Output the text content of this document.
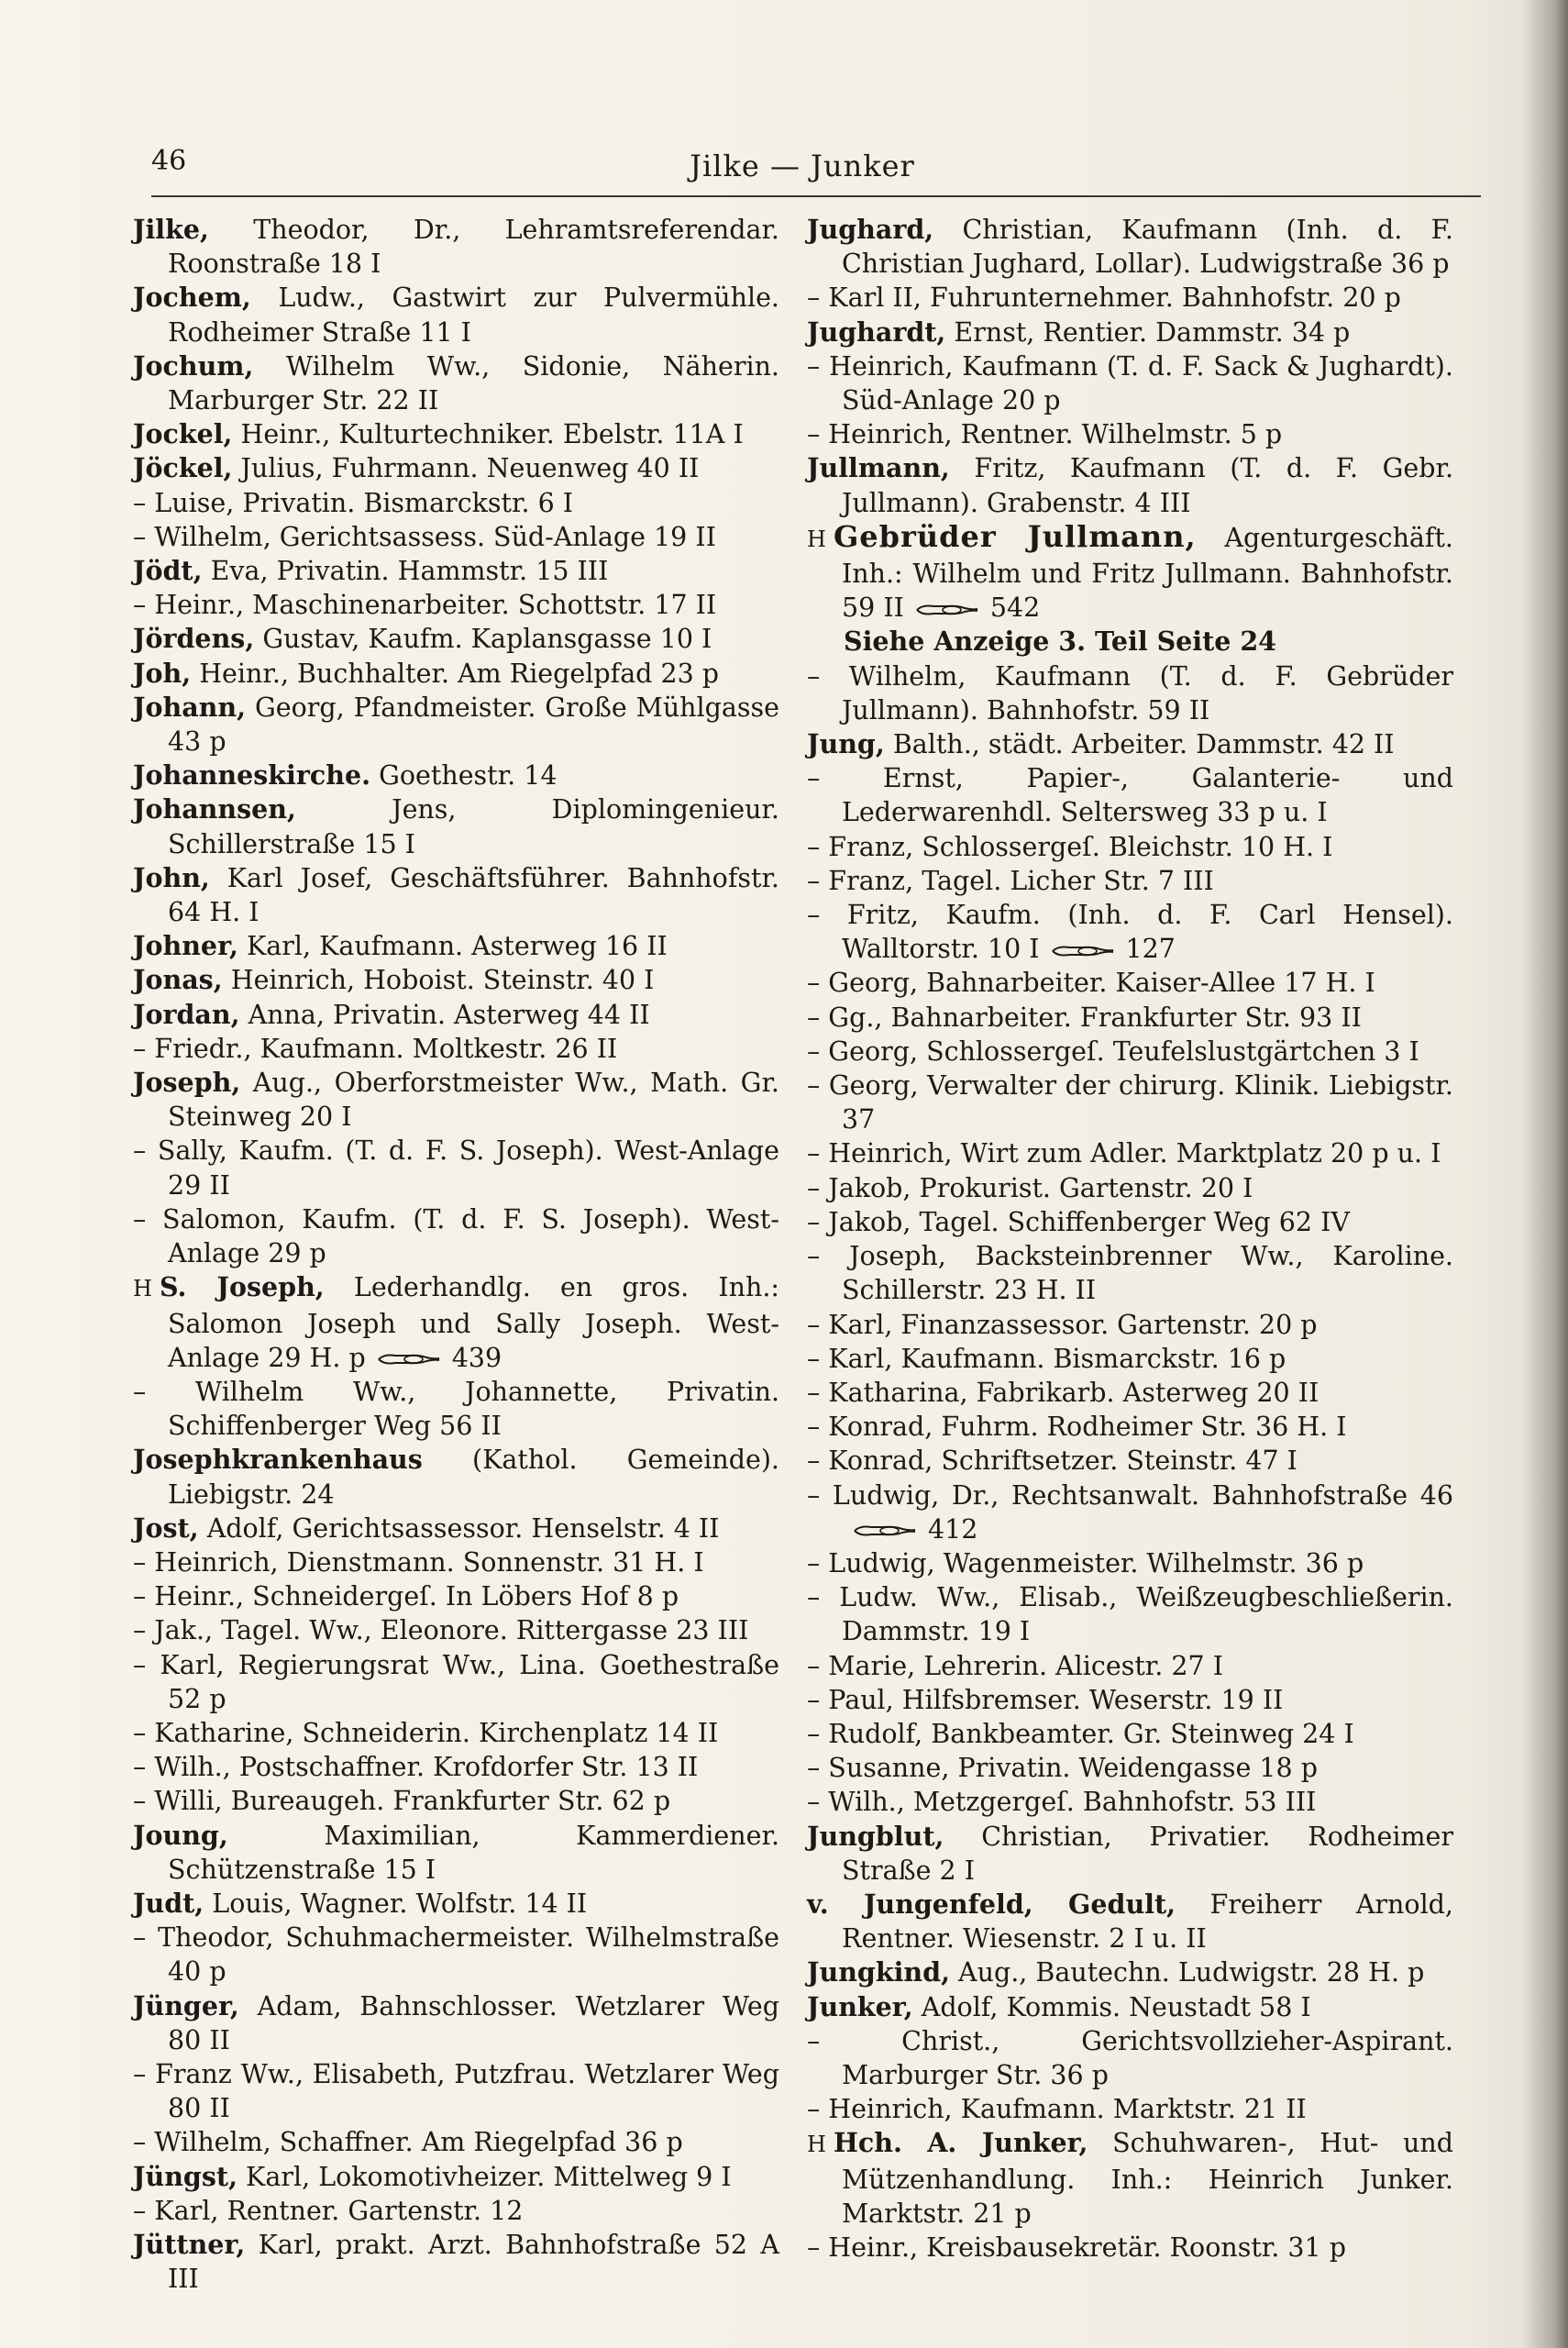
46	Jilke — Junker
Jilke, Theodor, Dr., Lehramtsreferendar. Roonstraße 18 I
Jochem, Ludw., Gastwirt zur Pulvermühle. Rodheimer Straße 11 I
Jochum, Wilhelm Ww., Sidonie, Näherin. Marburger Str. 22 II
Jockel, Heinr., Kulturtechniker. Ebelstr. 11A I
Jöckel, Julius, Fuhrmann. Neuenweg 40 II
– Luise, Privatin. Bismarckstr. 6 I
– Wilhelm, Gerichtsassess. Süd-Anlage 19 II
Jödt, Eva, Privatin. Hammstr. 15 III
– Heinr., Maschinenarbeiter. Schottstr. 17 II
Jördens, Gustav, Kaufm. Kaplansgasse 10 I
Joh, Heinr., Buchhalter. Am Riegelpfad 23 p
Johann, Georg, Pfandmeister. Große Mühlgasse 43 p
Johanneskirche. Goethestr. 14
Johannsen, Jens, Diplomingenieur. Schillerstraße 15 I
John, Karl Josef, Geschäftsführer. Bahnhofstr. 64 H. I
Johner, Karl, Kaufmann. Asterweg 16 II
Jonas, Heinrich, Hoboist. Steinstr. 40 I
Jordan, Anna, Privatin. Asterweg 44 II
– Friedr., Kaufmann. Moltkestr. 26 II
Joseph, Aug., Oberforstmeister Ww., Math. Gr. Steinweg 20 I
– Sally, Kaufm. (T. d. F. S. Joseph). West-Anlage 29 II
– Salomon, Kaufm. (T. d. F. S. Joseph). West-Anlage 29 p
H S. Joseph, Lederhandlg. en gros. Inh.: Salomon Joseph und Sally Joseph. West-Anlage 29 H. p	439
– Wilhelm Ww., Johannette, Privatin. Schiffenberger Weg 56 II
Josephkrankenhaus (Kathol. Gemeinde). Liebigstr. 24
Jost, Adolf, Gerichtsassessor. Henselstr. 4 II
– Heinrich, Dienstmann. Sonnenstr. 31 H. I
– Heinr., Schneidergeſ. In Löbers Hof 8 p
– Jak., Tagel. Ww., Eleonore. Rittergasse 23 III
– Karl, Regierungsrat Ww., Lina. Goethestraße 52 p
– Katharine, Schneiderin. Kirchenplatz 14 II
– Wilh., Postschaffner. Krofdorfer Str. 13 II
– Willi, Bureaugeh. Frankfurter Str. 62 p
Joung, Maximilian, Kammerdiener. Schützenstraße 15 I
Judt, Louis, Wagner. Wolfstr. 14 II
– Theodor, Schuhmachermeister. Wilhelmstraße 40 p
Jünger, Adam, Bahnschlosser. Wetzlarer Weg 80 II
– Franz Ww., Elisabeth, Putzfrau. Wetzlarer Weg 80 II
– Wilhelm, Schaffner. Am Riegelpfad 36 p
Jüngst, Karl, Lokomotivheizer. Mittelweg 9 I
– Karl, Rentner. Gartenstr. 12
Jüttner, Karl, prakt. Arzt. Bahnhofstraße 52 A III
Jughard, Christian, Kaufmann (Inh. d. F. Christian Jughard, Lollar). Ludwigstraße 36 p
– Karl II, Fuhrunternehmer. Bahnhofstr. 20 p
Jughardt, Ernst, Rentier. Dammstr. 34 p
– Heinrich, Kaufmann (T. d. F. Sack & Jughardt). Süd-Anlage 20 p
– Heinrich, Rentner. Wilhelmstr. 5 p
Jullmann, Fritz, Kaufmann (T. d. F. Gebr. Jullmann). Grabenstr. 4 III
H Gebrüder Jullmann, Agenturgeschäft. Inh.: Wilhelm und Fritz Jullmann. Bahnhofstr. 59 II	542
Siehe Anzeige 3. Teil Seite 24
– Wilhelm, Kaufmann (T. d. F. Gebrüder Jullmann). Bahnhofstr. 59 II
Jung, Balth., städt. Arbeiter. Dammstr. 42 II
– Ernst, Papier-, Galanterie- und Lederwarenhdl. Seltersweg 33 p u. I
– Franz, Schlossergeſ. Bleichstr. 10 H. I
– Franz, Tagel. Licher Str. 7 III
– Fritz, Kaufm. (Inh. d. F. Carl Hensel). Walltorstr. 10 I	127
– Georg, Bahnarbeiter. Kaiser-Allee 17 H. I
– Gg., Bahnarbeiter. Frankfurter Str. 93 II
– Georg, Schlossergeſ. Teufelslustgärtchen 3 I
– Georg, Verwalter der chirurg. Klinik. Liebigstr. 37
– Heinrich, Wirt zum Adler. Marktplatz 20 p u. I
– Jakob, Prokurist. Gartenstr. 20 I
– Jakob, Tagel. Schiffenberger Weg 62 IV
– Joseph, Backsteinbrenner Ww., Karoline. Schillerstr. 23 H. II
– Karl, Finanzassessor. Gartenstr. 20 p
– Karl, Kaufmann. Bismarckstr. 16 p
– Katharina, Fabrikarb. Asterweg 20 II
– Konrad, Fuhrm. Rodheimer Str. 36 H. I
– Konrad, Schriftsetzer. Steinstr. 47 I
– Ludwig, Dr., Rechtsanwalt. Bahnhofstraße 46412
– Ludwig, Wagenmeister. Wilhelmstr. 36 p
– Ludw. Ww., Elisab., Weißzeugbeschließerin. Dammstr. 19 I
– Marie, Lehrerin. Alicestr. 27 I
– Paul, Hilfsbremser. Weserstr. 19 II
– Rudolf, Bankbeamter. Gr. Steinweg 24 I
– Susanne, Privatin. Weidengasse 18 p
– Wilh., Metzgergeſ. Bahnhofstr. 53 III
Jungblut, Christian, Privatier. Rodheimer Straße 2 I
v. Jungenfeld, Gedult, Freiherr Arnold, Rentner. Wiesenstr. 2 I u. II
Jungkind, Aug., Bautechn. Ludwigstr. 28 H. p
Junker, Adolf, Kommis. Neustadt 58 I
– Christ., Gerichtsvollzieher-Aspirant. Marburger Str. 36 p
– Heinrich, Kaufmann. Marktstr. 21 II
H Hch. A. Junker, Schuhwaren-, Hut- und Mützenhandlung. Inh.: Heinrich Junker. Marktstr. 21 p
– Heinr., Kreisbausekretär. Roonstr. 31 p
